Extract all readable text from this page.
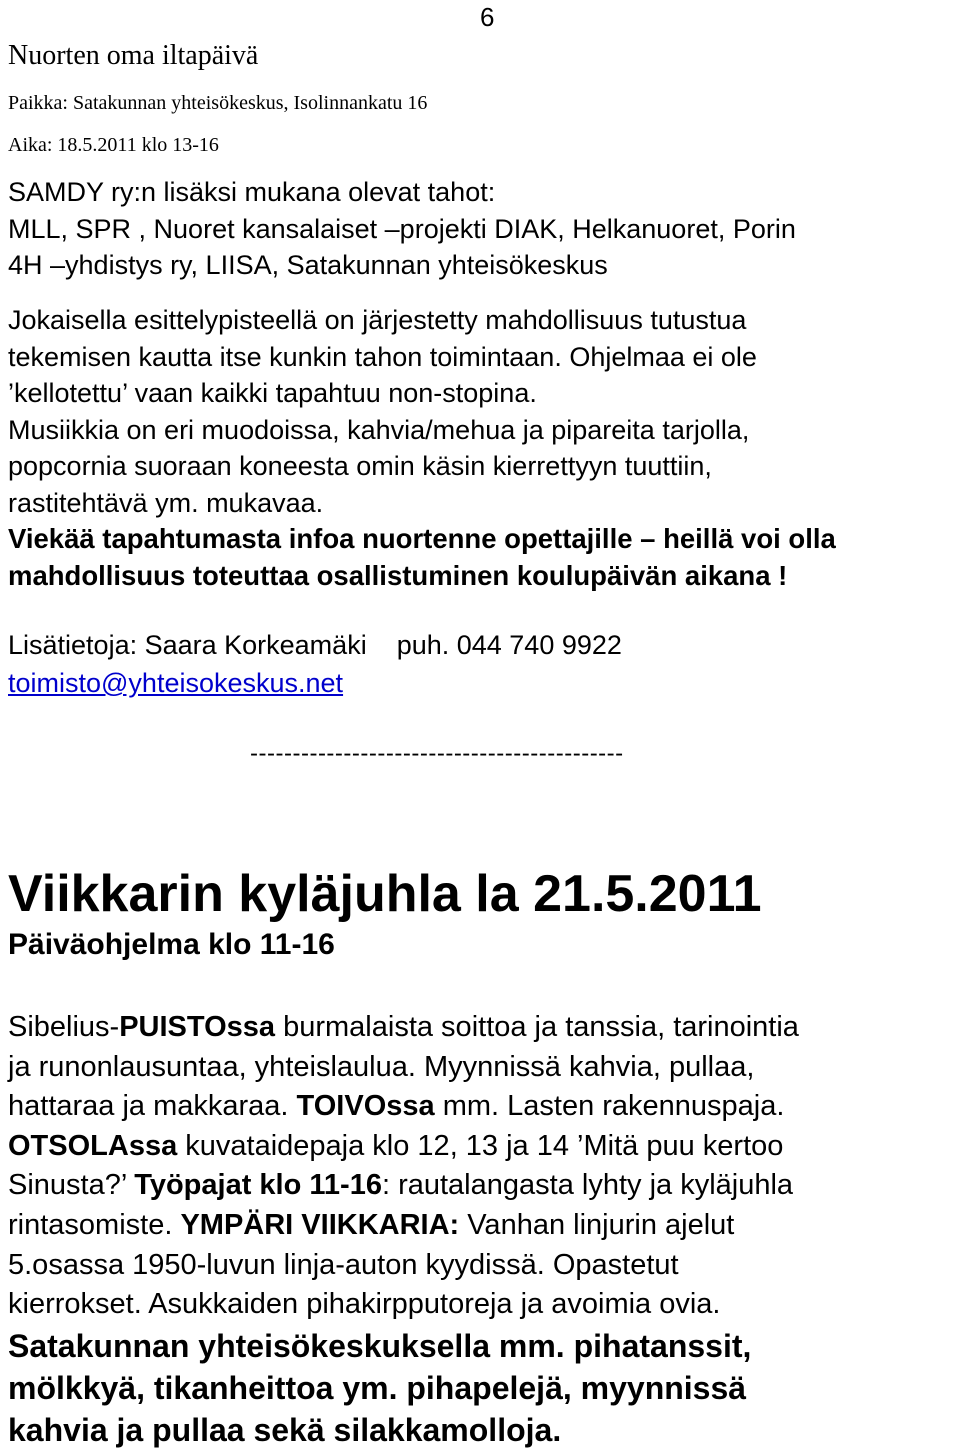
6
Nuorten oma iltapäivä
Paikka: Satakunnan yhteisökeskus, Isolinnankatu 16
Aika: 18.5.2011 klo 13-16
SAMDY ry:n lisäksi mukana olevat tahot:
MLL, SPR , Nuoret kansalaiset –projekti DIAK, Helkanuoret, Porin
4H –yhdistys ry, LIISA, Satakunnan yhteisökeskus
Jokaisella esittelypisteellä on järjestetty mahdollisuus tutustua
tekemisen kautta itse kunkin tahon toimintaan. Ohjelmaa ei ole
’kellotettu’ vaan kaikki tapahtuu non-stopina.
Musiikkia on eri muodoissa, kahvia/mehua ja pipareita tarjolla,
popcornia suoraan koneesta omin käsin kierrettyyn tuuttiin,
rastitehtävä ym. mukavaa.
Viekää tapahtumasta infoa nuortenne opettajille – heillä voi olla
mahdollisuus toteuttaa osallistuminen koulupäivän aikana !
Lisätietoja: Saara Korkeamäki puh. 044 740 9922
toimisto@yhteisokeskus.net
--------------------------------------------
Viikkarin kyläjuhla la 21.5.2011
Päiväohjelma klo 11-16
Sibelius-PUISTOssa burmalaista soittoa ja tanssia, tarinointia
ja runonlausuntaa, yhteislaulua. Myynnissä kahvia, pullaa,
hattaraa ja makkaraa. TOIVOssa mm. Lasten rakennuspaja.
OTSOLAssa kuvataidepaja klo 12, 13 ja 14 ’Mitä puu kertoo
Sinusta?’ Työpajat klo 11-16: rautalangasta lyhty ja kyläjuhla
rintasomiste. YMPÄRI VIIKKARIA: Vanhan linjurin ajelut
5.osassa 1950-luvun linja-auton kyydissä. Opastetut
kierrokset. Asukkaiden pihakirpputoreja ja avoimia ovia.
Satakunnan yhteisökeskuksella mm. pihatanssit,
mölkkyä, tikanheittoa ym. pihapelejä, myynnissä
kahvia ja pullaa sekä silakkamolloja.
